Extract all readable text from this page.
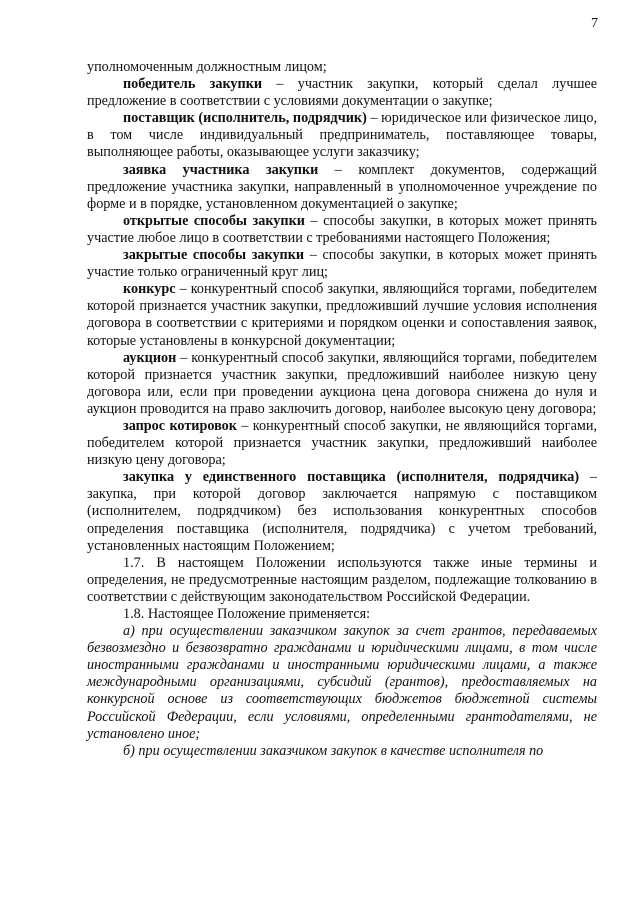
7

уполномоченным должностным лицом;

победитель закупки – участник закупки, который сделал лучшее предложение в соответствии с условиями документации о закупке;

поставщик (исполнитель, подрядчик) – юридическое или физическое лицо, в том числе индивидуальный предприниматель, поставляющее товары, выполняющее работы, оказывающее услуги заказчику;

заявка участника закупки – комплект документов, содержащий предложение участника закупки, направленный в уполномоченное учреждение по форме и в порядке, установленном документацией о закупке;

открытые способы закупки – способы закупки, в которых может принять участие любое лицо в соответствии с требованиями настоящего Положения;

закрытые способы закупки – способы закупки, в которых может принять участие только ограниченный круг лиц;

конкурс – конкурентный способ закупки, являющийся торгами, победителем которой признается участник закупки, предложивший лучшие условия исполнения договора в соответствии с критериями и порядком оценки и сопоставления заявок, которые установлены в конкурсной документации;

аукцион – конкурентный способ закупки, являющийся торгами, победителем которой признается участник закупки, предложивший наиболее низкую цену договора или, если при проведении аукциона цена договора снижена до нуля и аукцион проводится на право заключить договор, наиболее высокую цену договора;

запрос котировок – конкурентный способ закупки, не являющийся торгами, победителем которой признается участник закупки, предложивший наиболее низкую цену договора;

закупка у единственного поставщика (исполнителя, подрядчика) – закупка, при которой договор заключается напрямую с поставщиком (исполнителем, подрядчиком) без использования конкурентных способов определения поставщика (исполнителя, подрядчика) с учетом требований, установленных настоящим Положением;

1.7. В настоящем Положении используются также иные термины и определения, не предусмотренные настоящим разделом, подлежащие толкованию в соответствии с действующим законодательством Российской Федерации.

1.8. Настоящее Положение применяется:

а) при осуществлении заказчиком закупок за счет грантов, передаваемых безвозмездно и безвозвратно гражданами и юридическими лицами, в том числе иностранными гражданами и иностранными юридическими лицами, а также международными организациями, субсидий (грантов), предоставляемых на конкурсной основе из соответствующих бюджетов бюджетной системы Российской Федерации, если условиями, определенными грантодателями, не установлено иное;

б) при осуществлении заказчиком закупок в качестве исполнителя по
